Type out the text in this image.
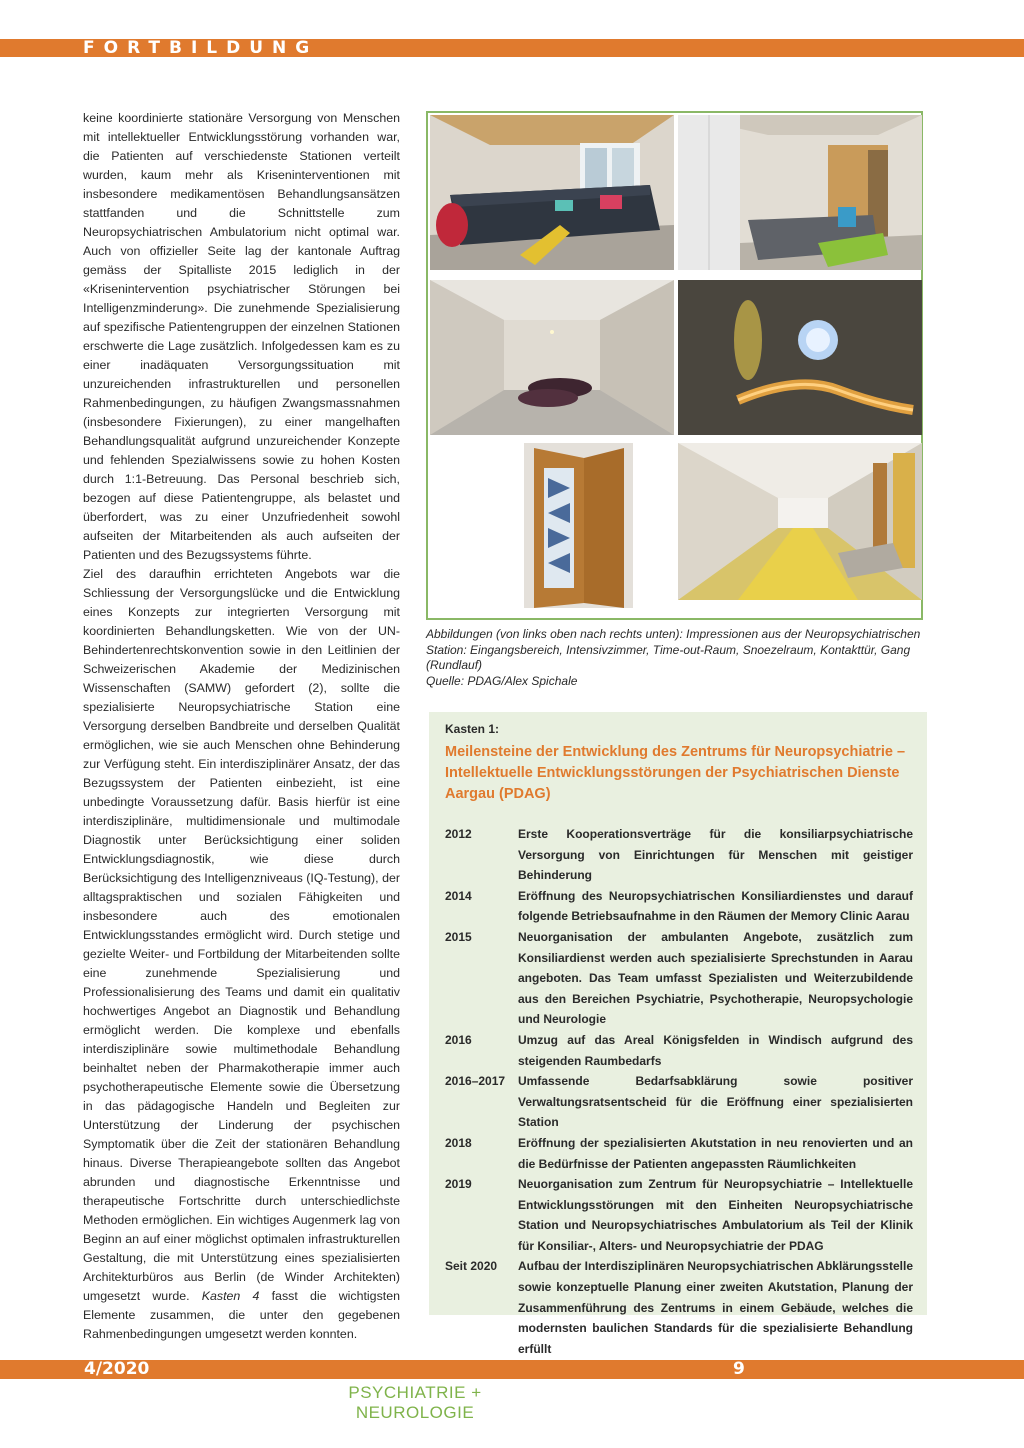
FORTBILDUNG

keine koordinierte stationäre Versorgung von Menschen mit intellektueller Entwicklungsstörung vorhanden war, die Patienten auf verschiedenste Stationen verteilt wurden, kaum mehr als Kriseninterventionen mit insbesondere medikamentösen Behandlungsansätzen stattfanden und die Schnittstelle zum Neuropsychiatrischen Ambulatorium nicht optimal war. Auch von offizieller Seite lag der kantonale Auftrag gemäss der Spitalliste 2015 lediglich in der «Krisenintervention psychiatrischer Störungen bei Intelligenzminderung». Die zunehmende Spezialisierung auf spezifische Patientengruppen der einzelnen Stationen erschwerte die Lage zusätzlich. Infolgedessen kam es zu einer inadäquaten Versorgungssituation mit unzureichenden infrastrukturellen und personellen Rahmenbedingungen, zu häufigen Zwangsmassnahmen (insbesondere Fixierungen), zu einer mangelhaften Behandlungsqualität aufgrund unzureichender Konzepte und fehlenden Spezialwissens sowie zu hohen Kosten durch 1:1-Betreuung. Das Personal beschrieb sich, bezogen auf diese Patientengruppe, als belastet und überfordert, was zu einer Unzufriedenheit sowohl aufseiten der Mitarbeitenden als auch aufseiten der Patienten und des Bezugssystems führte.

Ziel des daraufhin errichteten Angebots war die Schliessung der Versorgungslücke und die Entwicklung eines Konzepts zur integrierten Versorgung mit koordinierten Behandlungsketten. Wie von der UN-Behindertenrechtskonvention sowie in den Leitlinien der Schweizerischen Akademie der Medizinischen Wissenschaften (SAMW) gefordert (2), sollte die spezialisierte Neuropsychiatrische Station eine Versorgung derselben Bandbreite und derselben Qualität ermöglichen, wie sie auch Menschen ohne Behinderung zur Verfügung steht. Ein interdisziplinärer Ansatz, der das Bezugssystem der Patienten einbezieht, ist eine unbedingte Voraussetzung dafür. Basis hierfür ist eine interdisziplinäre, multidimensionale und multimodale Diagnostik unter Berücksichtigung einer soliden Entwicklungsdiagnostik, wie diese durch Berücksichtigung des Intelligenzniveaus (IQ-Testung), der alltagspraktischen und sozialen Fähigkeiten und insbesondere auch des emotionalen Entwicklungsstandes ermöglicht wird. Durch stetige und gezielte Weiter- und Fortbildung der Mitarbeitenden sollte eine zunehmende Spezialisierung und Professionalisierung des Teams und damit ein qualitativ hochwertiges Angebot an Diagnostik und Behandlung ermöglicht werden. Die komplexe und ebenfalls interdisziplinäre sowie multimethodale Behandlung beinhaltet neben der Pharmakotherapie immer auch psychotherapeutische Elemente sowie die Übersetzung in das pädagogische Handeln und Begleiten zur Unterstützung der Linderung der psychischen Symptomatik über die Zeit der stationären Behandlung hinaus. Diverse Therapieangebote sollten das Angebot abrunden und diagnostische Erkenntnisse und therapeutische Fortschritte durch unterschiedlichste Methoden ermöglichen. Ein wichtiges Augenmerk lag von Beginn an auf einer möglichst optimalen infrastrukturellen Gestaltung, die mit Unterstützung eines spezialisierten Architekturbüros aus Berlin (de Winder Architekten) umgesetzt wurde. Kasten 4 fasst die wichtigsten Elemente zusammen, die unter den gegebenen Rahmenbedingungen umgesetzt werden konnten.

Abbildungen (von links oben nach rechts unten): Impressionen aus der Neuropsychiatrischen Station: Eingangsbereich, Intensivzimmer, Time-out-Raum, Snoezelraum, Kontakttür, Gang (Rundlauf)
Quelle: PDAG/Alex Spichale
Kasten 1:
Meilensteine der Entwicklung des Zentrums für Neuropsychiatrie – Intellektuelle Entwicklungsstörungen der Psychiatrischen Dienste Aargau (PDAG)
2012	Erste Kooperationsverträge für die konsiliarpsychiatrische Versorgung von Einrichtungen für Menschen mit geistiger Behinderung
2014	Eröffnung des Neuropsychiatrischen Konsiliardienstes und darauf folgende Betriebsaufnahme in den Räumen der Memory Clinic Aarau
2015	Neuorganisation der ambulanten Angebote, zusätzlich zum Konsiliardienst werden auch spezialisierte Sprechstunden in Aarau angeboten. Das Team umfasst Spezialisten und Weiterzubildende aus den Bereichen Psychiatrie, Psychotherapie, Neuropsychologie und Neurologie
2016	Umzug auf das Areal Königsfelden in Windisch aufgrund des steigenden Raumbedarfs
2016–2017	Umfassende Bedarfsabklärung sowie positiver Verwaltungsratsentscheid für die Eröffnung einer spezialisierten Station
2018	Eröffnung der spezialisierten Akutstation in neu renovierten und an die Bedürfnisse der Patienten angepassten Räumlichkeiten
2019	Neuorganisation zum Zentrum für Neuropsychiatrie – Intellektuelle Entwicklungsstörungen mit den Einheiten Neuropsychiatrische Station und Neuropsychiatrisches Ambulatorium als Teil der Klinik für Konsiliar-, Alters- und Neuropsychiatrie der PDAG
Seit 2020	Aufbau der Interdisziplinären Neuropsychiatrischen Abklärungsstelle sowie konzeptuelle Planung einer zweiten Akutstation, Planung der Zusammenführung des Zentrums in einem Gebäude, welches die modernsten baulichen Standards für die spezialisierte Behandlung erfüllt
4/2020	9
PSYCHIATRIE + NEUROLOGIE
